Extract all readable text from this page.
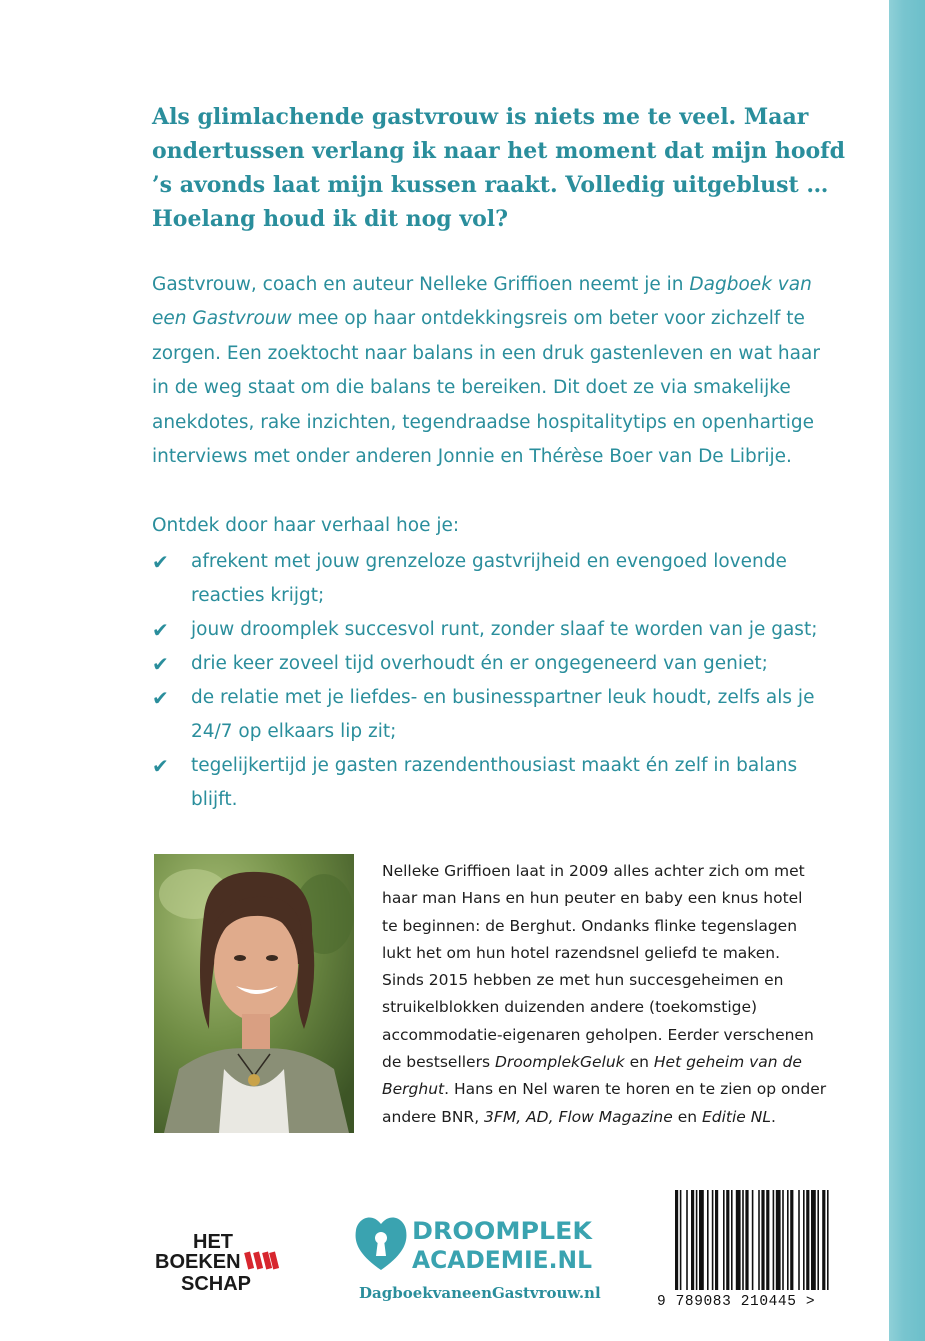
Als glimlachende gastvrouw is niets me te veel. Maar
ondertussen verlang ik naar het moment dat mijn hoofd
’s avonds laat mijn kussen raakt. Volledig uitgeblust …
Hoelang houd ik dit nog vol?
Gastvrouw, coach en auteur Nelleke Griffioen neemt je in Dagboek van
een Gastvrouw mee op haar ontdekkingsreis om beter voor zichzelf te
zorgen. Een zoektocht naar balans in een druk gastenleven en wat haar
in de weg staat om die balans te bereiken. Dit doet ze via smakelijke
anekdotes, rake inzichten, tegendraadse hospitalitytips en openhartige
interviews met onder anderen Jonnie en Thérèse Boer van De Librije.
Ontdek door haar verhaal hoe je:
✔ afrekent met jouw grenzeloze gastvrijheid en evengoed lovende
reacties krijgt;
✔ jouw droomplek succesvol runt, zonder slaaf te worden van je gast;
✔ drie keer zoveel tijd overhoudt én er ongegeneerd van geniet;
✔ de relatie met je liefdes- en businesspartner leuk houdt, zelfs als je
24/7 op elkaars lip zit;
✔ tegelijkertijd je gasten razendenthousiast maakt én zelf in balans
blijft.
Nelleke Griffioen laat in 2009 alles achter zich om met
haar man Hans en hun peuter en baby een knus hotel
te beginnen: de Berghut. Ondanks flinke tegenslagen
lukt het om hun hotel razendsnel geliefd te maken.
Sinds 2015 hebben ze met hun succesgeheimen en
struikelblokken duizenden andere (toekomstige)
accommodatie-eigenaren geholpen. Eerder verschenen
de bestsellers DroomplekGeluk en Het geheim van de
Berghut. Hans en Nel waren te horen en te zien op onder
andere BNR, 3FM, AD, Flow Magazine en Editie NL.
HET
BOEKEN
SCHAP
DROOMPLEK
ACADEMIE.NL
DagboekvaneenGastvrouw.nl	9 789083 210445 >
